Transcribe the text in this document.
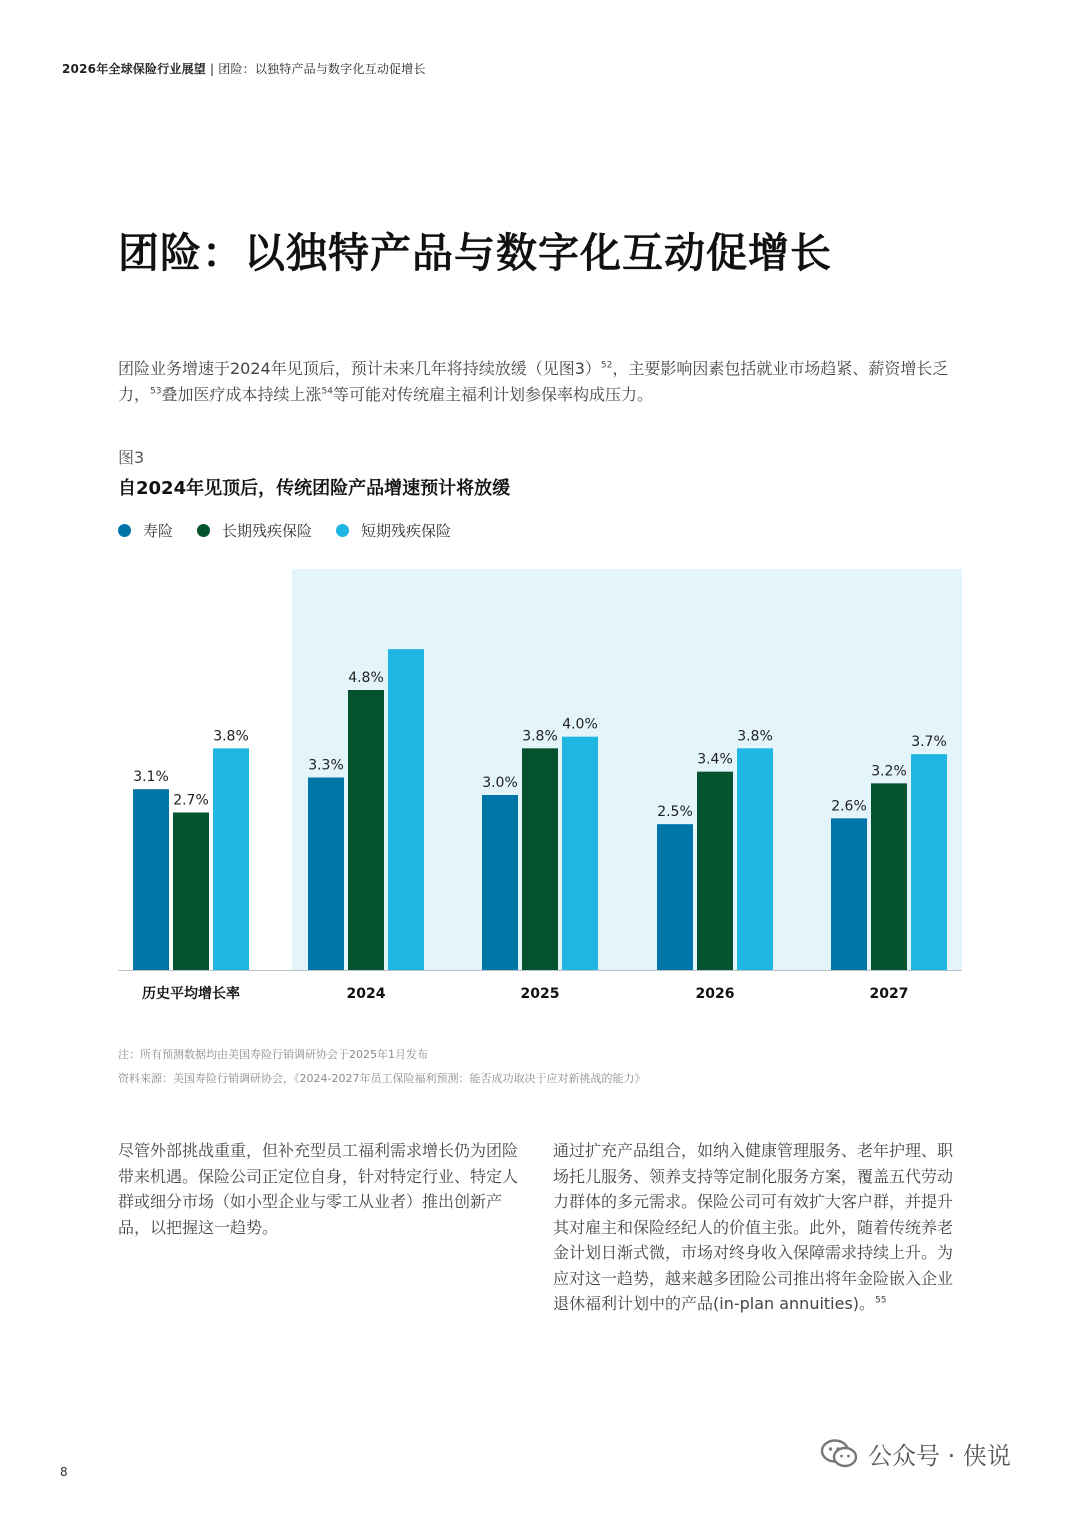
2026年全球保险行业展望 | 团险：以独特产品与数字化互动促增长
团险：以独特产品与数字化互动促增长

团险业务增速于2024年见顶后，预计未来几年将持续放缓（见图3）$^{52}$，主要影响因素包括就业市场趋紧、薪资增长乏力，$^{53}$叠加医疗成本持续上涨$^{54}$等可能对传统雇主福利计划参保率构成压力。

图3
自2024年见顶后，传统团险产品增速预计将放缓
寿险	长期残疾保险	短期残疾保险
3.1%
2.7%
3.8%
历史平均增长率
3.3%
4.8%
2024
3.0%
3.8%
4.0%
2025
2.5%
3.4%
3.8%
2026
2.6%
3.2%
3.7%
2027
注：所有预测数据均由美国寿险行销调研协会于2025年1月发布
资料来源：美国寿险行销调研协会，《2024-2027年员工保险福利预测：能否成功取决于应对新挑战的能力》

尽管外部挑战重重，但补充型员工福利需求增长仍为团险带来机遇。保险公司正定位自身，针对特定行业、特定人群或细分市场（如小型企业与零工从业者）推出创新产品，以把握这一趋势。

通过扩充产品组合，如纳入健康管理服务、老年护理、职场托儿服务、领养支持等定制化服务方案，覆盖五代劳动力群体的多元需求。保险公司可有效扩大客户群，并提升其对雇主和保险经纪人的价值主张。此外，随着传统养老金计划日渐式微，市场对终身收入保障需求持续上升。为应对这一趋势，越来越多团险公司推出将年金险嵌入企业退休福利计划中的产品(in-plan annuities)。$^{55}$

8
公众号 · 侠说
